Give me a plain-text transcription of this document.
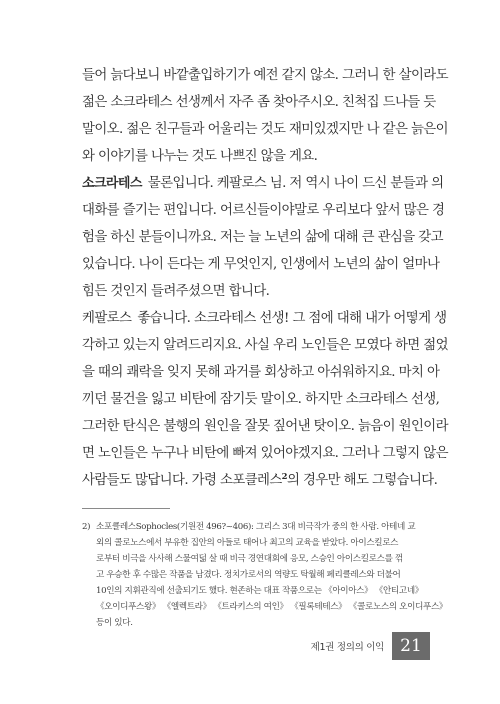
들어 늙다보니 바깥출입하기가 예전 같지 않소. 그러니 한 살이라도
젊은 소크라테스 선생께서 자주 좀 찾아주시오. 친척집 드나들 듯
말이오. 젊은 친구들과 어울리는 것도 재미있겠지만 나 같은 늙은이
와 이야기를 나누는 것도 나쁘진 않을 게요.
소크라테스 물론입니다. 케팔로스 님. 저 역시 나이 드신 분들과 의
대화를 즐기는 편입니다. 어르신들이야말로 우리보다 앞서 많은 경
험을 하신 분들이니까요. 저는 늘 노년의 삶에 대해 큰 관심을 갖고
있습니다. 나이 든다는 게 무엇인지, 인생에서 노년의 삶이 얼마나
힘든 것인지 들려주셨으면 합니다.
케팔로스 좋습니다. 소크라테스 선생! 그 점에 대해 내가 어떻게 생
각하고 있는지 알려드리지요. 사실 우리 노인들은 모였다 하면 젊었
을 때의 쾌락을 잊지 못해 과거를 회상하고 아쉬워하지요. 마치 아
끼던 물건을 잃고 비탄에 잠기듯 말이오. 하지만 소크라테스 선생,
그러한 탄식은 불행의 원인을 잘못 짚어낸 탓이오. 늙음이 원인이라
면 노인들은 누구나 비탄에 빠져 있어야겠지요. 그러나 그렇지 않은
사람들도 많답니다. 가령 소포클레스$^2$의 경우만 해도 그렇습니다.
2) 소포클레스Sophocles(기원전 496?~406): 그리스 3대 비극작가 중의 한 사람. 아테네 교
외의 콜로노스에서 부유한 집안의 아들로 태어나 최고의 교육을 받았다. 아이스킬로스
로부터 비극을 사사해 스물여덟 살 때 비극 경연대회에 응모, 스승인 아이스킬로스를 꺾
고 우승한 후 수많은 작품을 남겼다. 정치가로서의 역량도 탁월해 페리클레스와 더불어
10인의 지휘관직에 선출되기도 했다. 현존하는 대표 작품으로는 《아이아스》 《안티고네》
《오이디푸스왕》 《엘렉트라》 《트라키스의 여인》 《필록테테스》 《콜로노스의 오이디푸스》
등이 있다.
제1권 정의의 이익 21
